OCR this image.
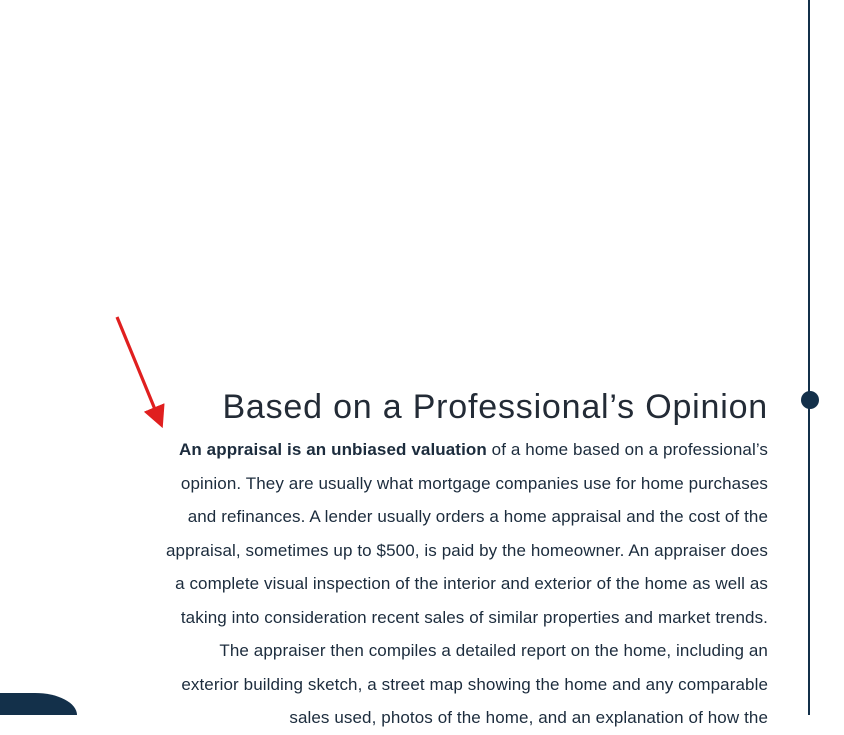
Based on a Professional’s Opinion
An appraisal is an unbiased valuation of a home based on a professional’s
opinion. They are usually what mortgage companies use for home purchases
and refinances. A lender usually orders a home appraisal and the cost of the
appraisal, sometimes up to $500, is paid by the homeowner. An appraiser does
a complete visual inspection of the interior and exterior of the home as well as
taking into consideration recent sales of similar properties and market trends.
The appraiser then compiles a detailed report on the home, including an
exterior building sketch, a street map showing the home and any comparable
sales used, photos of the home, and an explanation of how the
